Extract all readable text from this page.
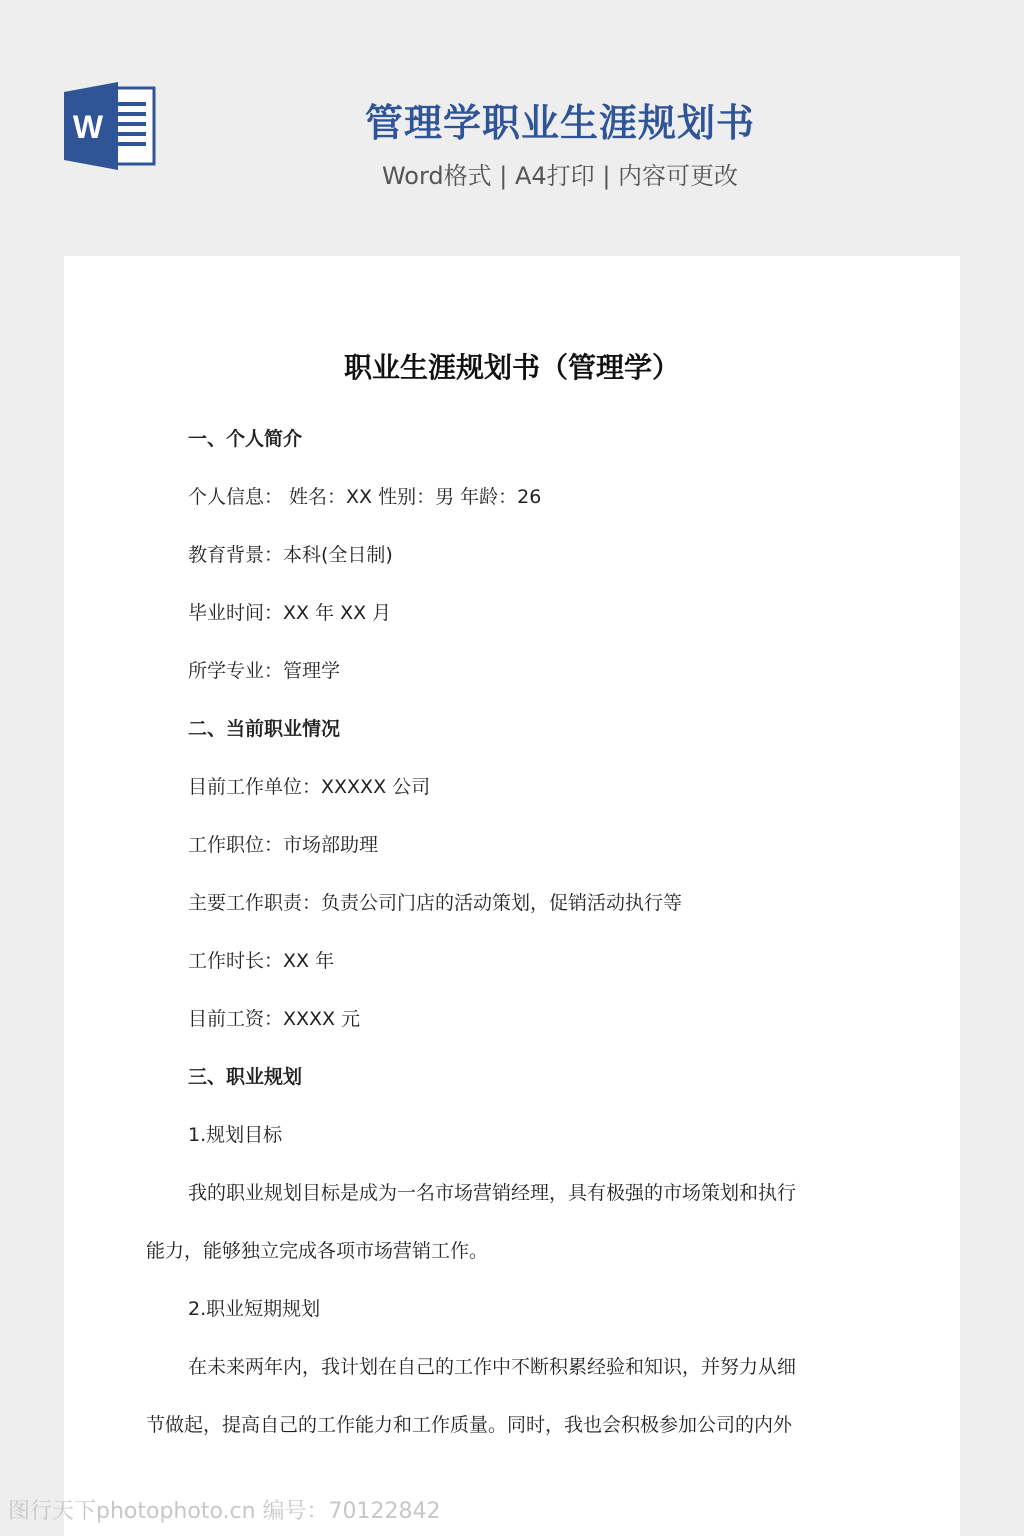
W	管理学职业生涯规划书
Word格式 | A4打印 | 内容可更改
职业生涯规划书（管理学）
一、个人简介
个人信息： 姓名：XX 性别：男 年龄：26
教育背景：本科(全日制)
毕业时间：XX 年 XX 月
所学专业：管理学
二、当前职业情况
目前工作单位：XXXXX 公司
工作职位：市场部助理
主要工作职责：负责公司门店的活动策划，促销活动执行等
工作时长：XX 年
目前工资：XXXX 元
三、职业规划
1.规划目标
我的职业规划目标是成为一名市场营销经理，具有极强的市场策划和执行
能力，能够独立完成各项市场营销工作。
2.职业短期规划
在未来两年内，我计划在自己的工作中不断积累经验和知识，并努力从细
节做起，提高自己的工作能力和工作质量。同时，我也会积极参加公司的内外
图行天下photophoto.cn 编号：70122842
